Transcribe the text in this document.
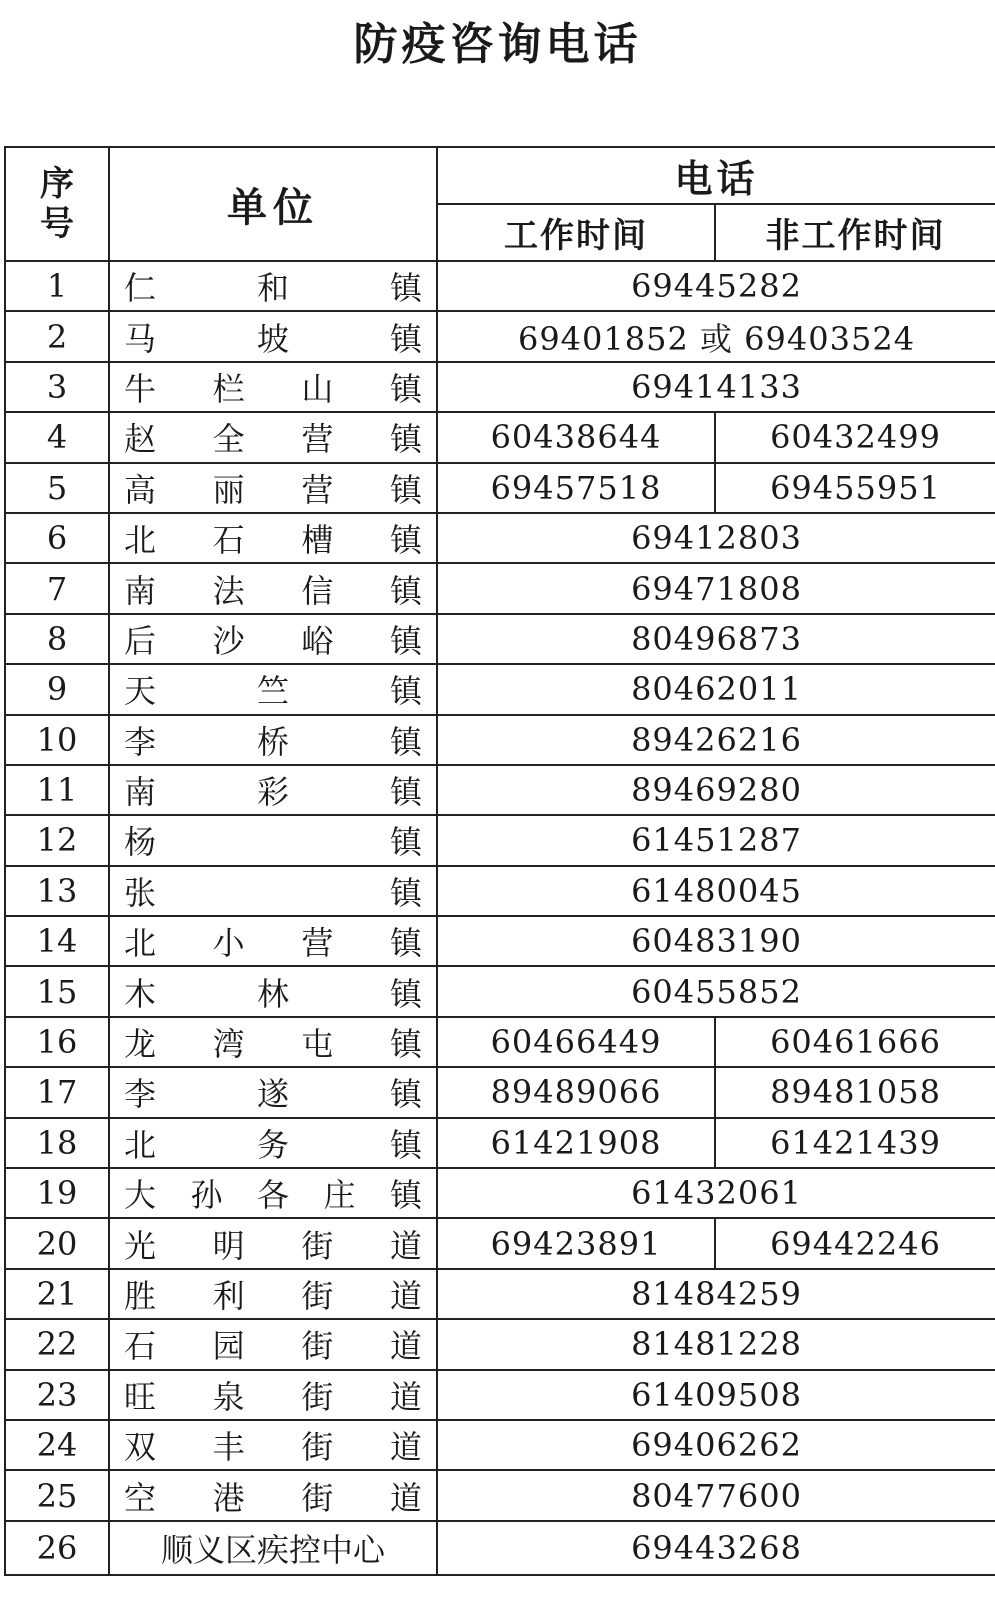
防疫咨询电话
序
号	单位	电话	
		工作时间	非工作时间
1	仁 和 镇	69445282	
2	马 坡 镇	69401852 或 69403524	
3	牛 栏 山 镇	69414133	
4	赵 全 营 镇	60438644	60432499
5	高 丽 营 镇	69457518	69455951
6	北 石 槽 镇	69412803	
7	南 法 信 镇	69471808	
8	后 沙 峪 镇	80496873	
9	天 竺 镇	80462011	
10	李 桥 镇	89426216	
11	南 彩 镇	89469280	
12	杨 镇	61451287	
13	张 镇	61480045	
14	北 小 营 镇	60483190	
15	木 林 镇	60455852	
16	龙 湾 屯 镇	60466449	60461666
17	李 遂 镇	89489066	89481058
18	北 务 镇	61421908	61421439
19	大 孙 各 庄 镇	61432061	
20	光 明 街 道	69423891	69442246
21	胜 利 街 道	81484259	
22	石 园 街 道	81481228	
23	旺 泉 街 道	61409508	
24	双 丰 街 道	69406262	
25	空 港 街 道	80477600	
26	顺义区疾控中心	69443268	
